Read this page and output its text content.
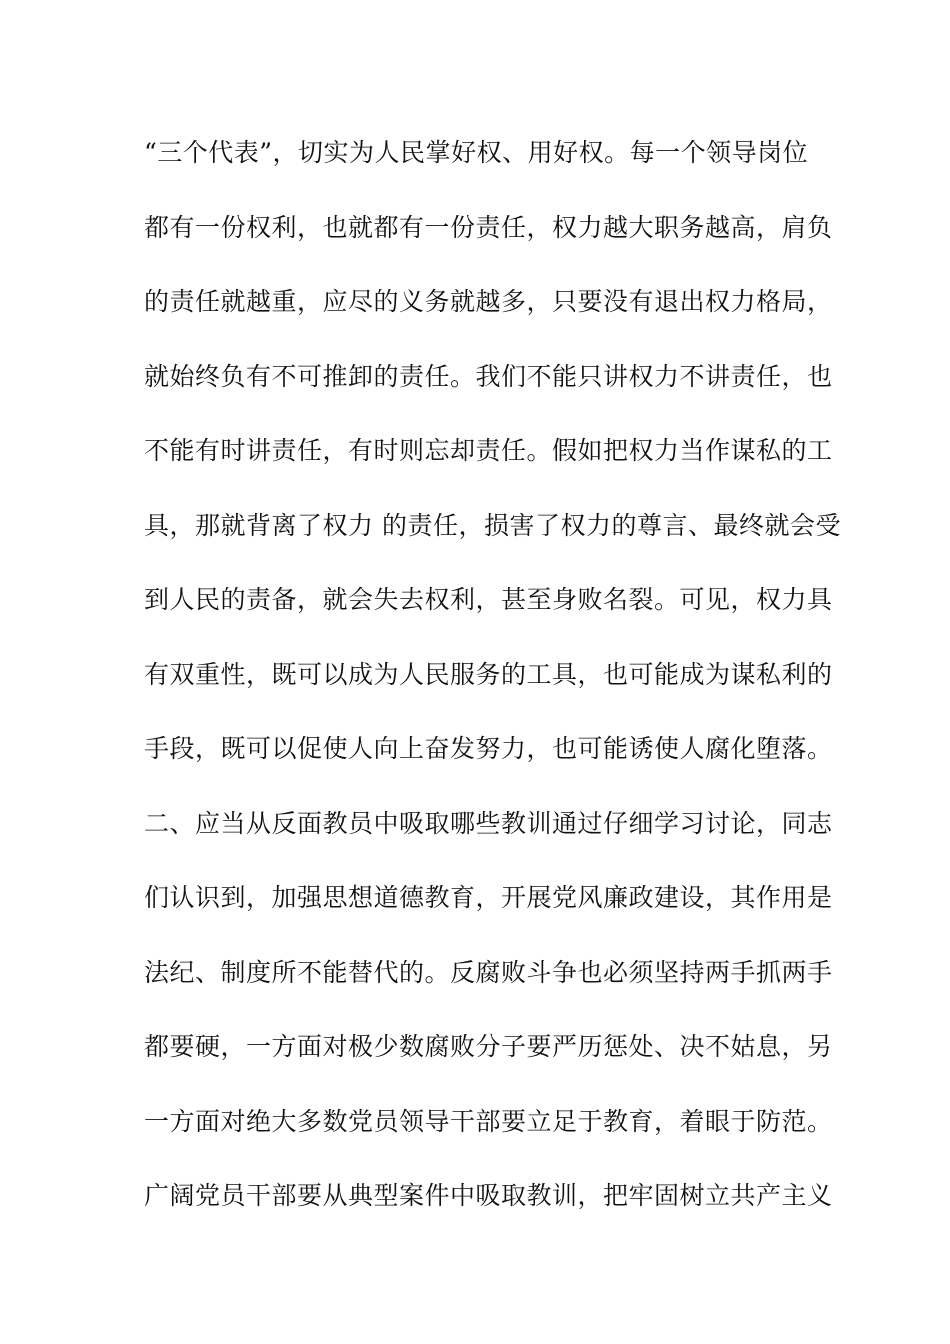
“三个代表”，切实为人民掌好权、用好权。每一个领导岗位
都有一份权利，也就都有一份责任，权力越大职务越高，肩负
的责任就越重，应尽的义务就越多，只要没有退出权力格局，
就始终负有不可推卸的责任。我们不能只讲权力不讲责任，也
不能有时讲责任，有时则忘却责任。假如把权力当作谋私的工
具，那就背离了权力 的责任，损害了权力的尊言、最终就会受
到人民的责备，就会失去权利，甚至身败名裂。可见，权力具
有双重性，既可以成为人民服务的工具，也可能成为谋私利的
手段，既可以促使人向上奋发努力，也可能诱使人腐化堕落。
二、应当从反面教员中吸取哪些教训通过仔细学习讨论，同志
们认识到，加强思想道德教育，开展党风廉政建设，其作用是
法纪、制度所不能替代的。反腐败斗争也必须坚持两手抓两手
都要硬，一方面对极少数腐败分子要严历惩处、决不姑息，另
一方面对绝大多数党员领导干部要立足于教育，着眼于防范。
广阔党员干部要从典型案件中吸取教训，把牢固树立共产主义
